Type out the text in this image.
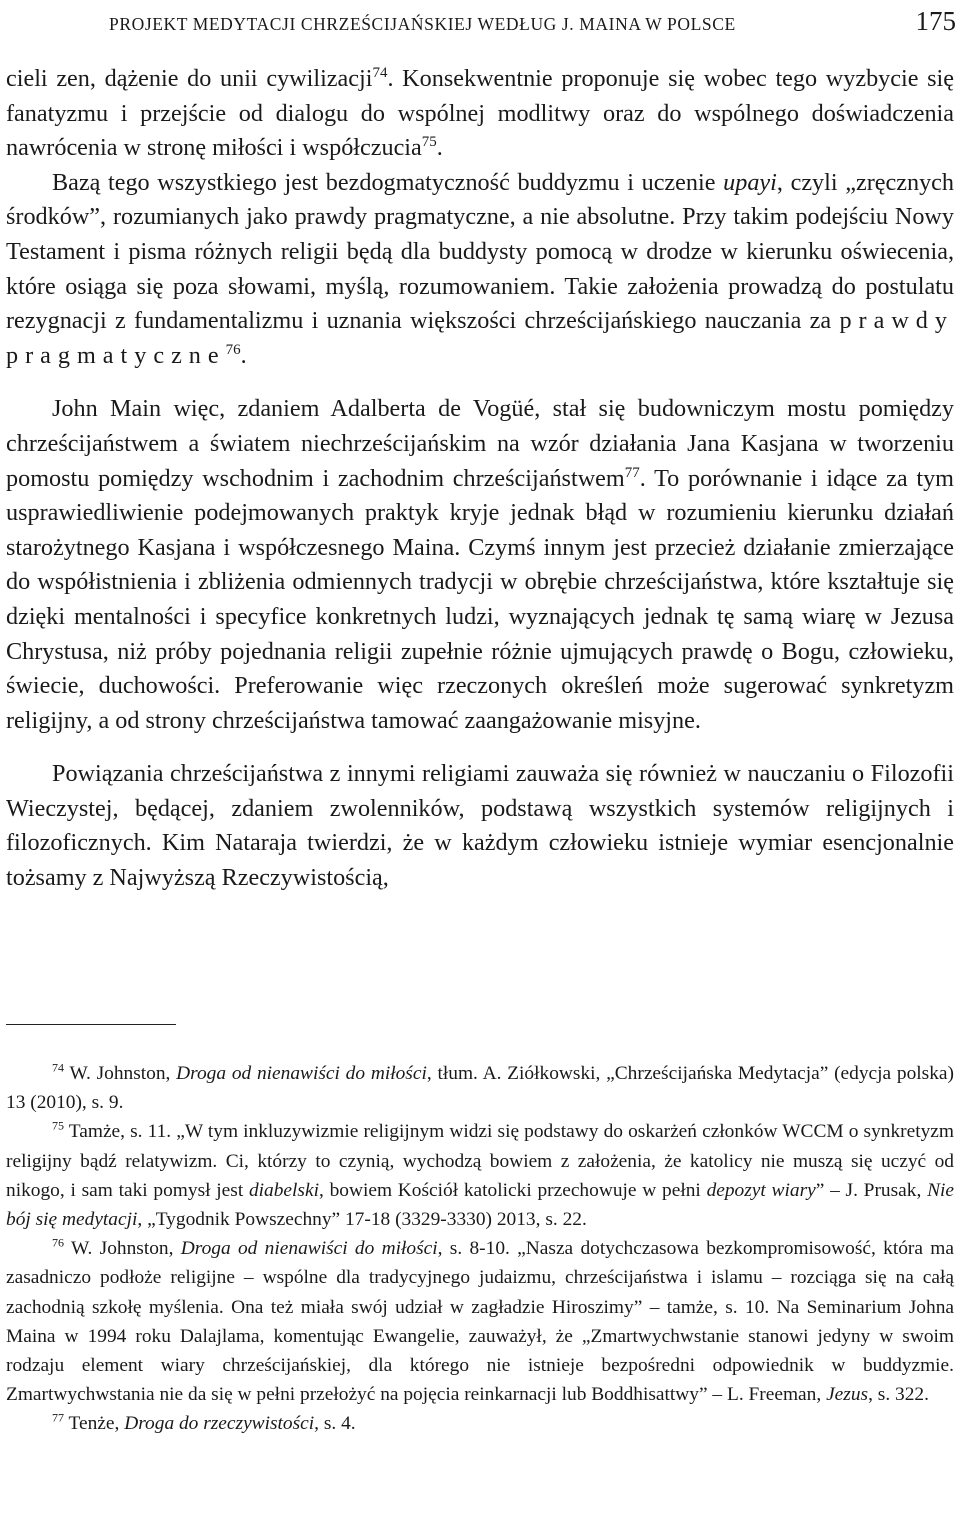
PROJEKT MEDYTACJI CHRZEŚCIJAŃSKIEJ WEDŁUG J. MAINA W POLSCE	175

cieli zen, dążenie do unii cywilizacji$^{74}$. Konsekwentnie proponuje się wobec tego wyzbycie się fanatyzmu i przejście od dialogu do wspólnej modlitwy oraz do wspólnego doświadczenia nawrócenia w stronę miłości i współczucia$^{75}$.

Bazą tego wszystkiego jest bezdogmatyczność buddyzmu i uczenie upayi, czyli „zręcznych środków”, rozumianych jako prawdy pragmatyczne, a nie absolutne. Przy takim podejściu Nowy Testament i pisma różnych religii będą dla buddysty pomocą w drodze w kierunku oświecenia, które osiąga się poza słowami, myślą, rozumowaniem. Takie założenia prowadzą do postulatu rezygnacji z fundamentalizmu i uznania większości chrześcijańskiego nauczania za prawdy pragmatyczne$^{76}$.

John Main więc, zdaniem Adalberta de Vogüé, stał się budowniczym mostu pomiędzy chrześcijaństwem a światem niechrześcijańskim na wzór działania Jana Kasjana w tworzeniu pomostu pomiędzy wschodnim i zachodnim chrześcijaństwem$^{77}$. To porównanie i idące za tym usprawiedliwienie podejmowanych praktyk kryje jednak błąd w rozumieniu kierunku działań starożytnego Kasjana i współczesnego Maina. Czymś innym jest przecież działanie zmierzające do współistnienia i zbliżenia odmiennych tradycji w obrębie chrześcijaństwa, które kształtuje się dzięki mentalności i specyfice konkretnych ludzi, wyznających jednak tę samą wiarę w Jezusa Chrystusa, niż próby pojednania religii zupełnie różnie ujmujących prawdę o Bogu, człowieku, świecie, duchowości. Preferowanie więc rzeczonych określeń może sugerować synkretyzm religijny, a od strony chrześcijaństwa tamować zaangażowanie misyjne.

Powiązania chrześcijaństwa z innymi religiami zauważa się również w nauczaniu o Filozofii Wieczystej, będącej, zdaniem zwolenników, podstawą wszystkich systemów religijnych i filozoficznych. Kim Nataraja twierdzi, że w każdym człowieku istnieje wymiar esencjonalnie tożsamy z Najwyższą Rzeczywistością,

$^{74}$ W. Johnston, Droga od nienawiści do miłości, tłum. A. Ziółkowski, „Chrześcijańska Medytacja” (edycja polska) 13 (2010), s. 9.

$^{75}$ Tamże, s. 11. „W tym inkluzywizmie religijnym widzi się podstawy do oskarżeń członków WCCM o synkretyzm religijny bądź relatywizm. Ci, którzy to czynią, wychodzą bowiem z założenia, że katolicy nie muszą się uczyć od nikogo, i sam taki pomysł jest diabelski, bowiem Kościół katolicki przechowuje w pełni depozyt wiary” – J. Prusak, Nie bój się medytacji, „Tygodnik Powszechny” 17-18 (3329-3330) 2013, s. 22.

$^{76}$ W. Johnston, Droga od nienawiści do miłości, s. 8-10. „Nasza dotychczasowa bezkompromisowość, która ma zasadniczo podłoże religijne – wspólne dla tradycyjnego judaizmu, chrześcijaństwa i islamu – rozciąga się na całą zachodnią szkołę myślenia. Ona też miała swój udział w zagładzie Hiroszimy” – tamże, s. 10. Na Seminarium Johna Maina w 1994 roku Dalajlama, komentując Ewangelie, zauważył, że „Zmartwychwstanie stanowi jedyny w swoim rodzaju element wiary chrześcijańskiej, dla którego nie istnieje bezpośredni odpowiednik w buddyzmie. Zmartwychwstania nie da się w pełni przełożyć na pojęcia reinkarnacji lub Boddhisattwy” – L. Freeman, Jezus, s. 322.

$^{77}$ Tenże, Droga do rzeczywistości, s. 4.
